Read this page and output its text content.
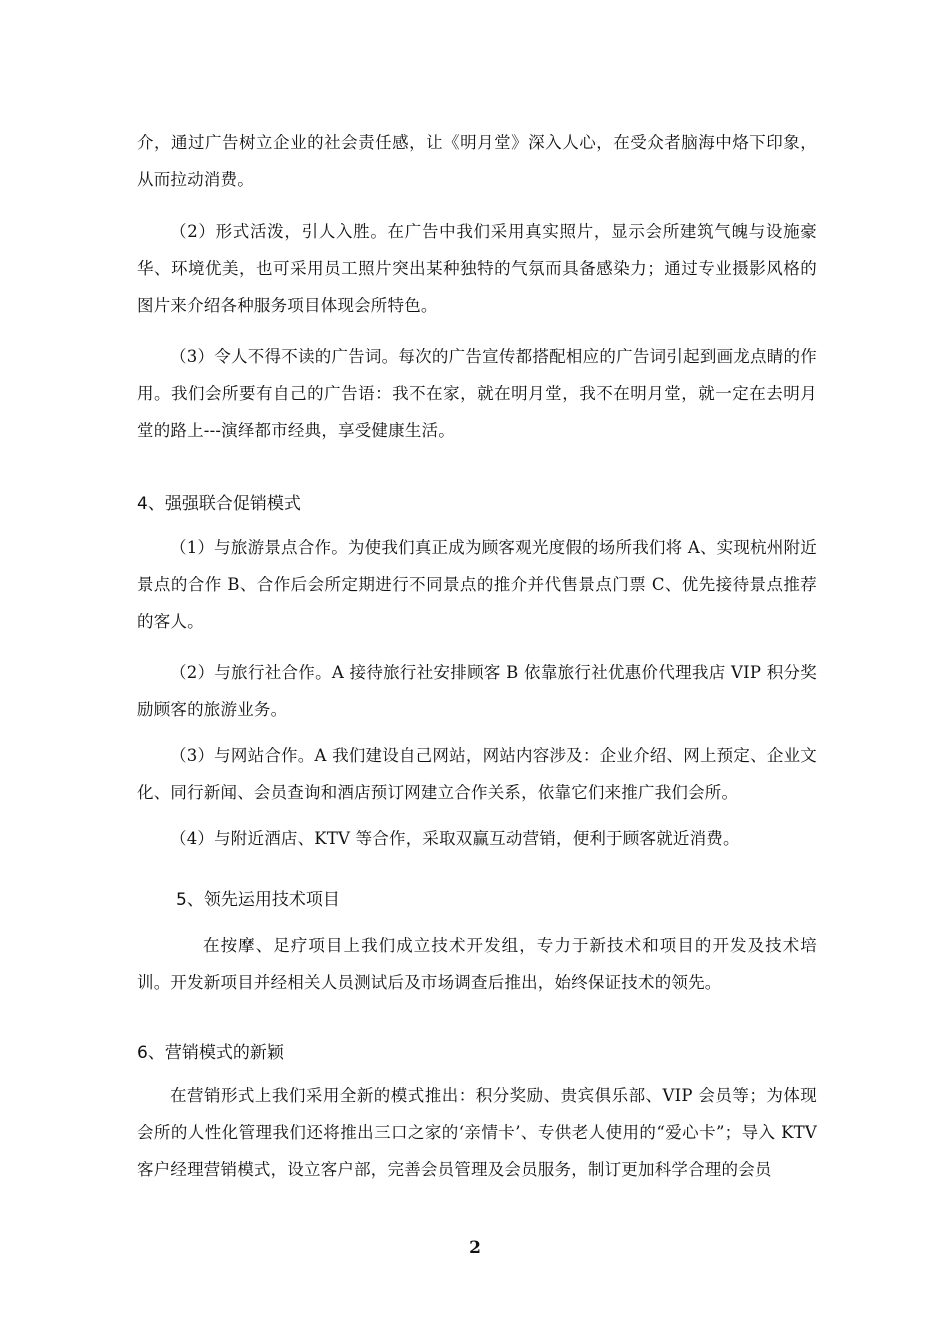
介，通过广告树立企业的社会责任感，让《明月堂》深入人心，在受众者脑海中烙下印象，从而拉动消费。

（2）形式活泼，引人入胜。在广告中我们采用真实照片，显示会所建筑气魄与设施豪华、环境优美，也可采用员工照片突出某种独特的气氛而具备感染力；通过专业摄影风格的图片来介绍各种服务项目体现会所特色。

（3）令人不得不读的广告词。每次的广告宣传都搭配相应的广告词引起到画龙点睛的作用。我们会所要有自己的广告语：我不在家，就在明月堂，我不在明月堂，就一定在去明月堂的路上---演绎都市经典，享受健康生活。

4、强强联合促销模式

（1）与旅游景点合作。为使我们真正成为顾客观光度假的场所我们将 A、实现杭州附近景点的合作 B、合作后会所定期进行不同景点的推介并代售景点门票 C、优先接待景点推荐的客人。

（2）与旅行社合作。A 接待旅行社安排顾客 B 依靠旅行社优惠价代理我店 VIP 积分奖励顾客的旅游业务。

（3）与网站合作。A 我们建设自己网站，网站内容涉及：企业介绍、网上预定、企业文化、同行新闻、会员查询和酒店预订网建立合作关系，依靠它们来推广我们会所。

（4）与附近酒店、KTV 等合作，采取双赢互动营销，便利于顾客就近消费。

5、领先运用技术项目

在按摩、足疗项目上我们成立技术开发组，专力于新技术和项目的开发及技术培训。开发新项目并经相关人员测试后及市场调查后推出，始终保证技术的领先。

6、营销模式的新颖

在营销形式上我们采用全新的模式推出：积分奖励、贵宾俱乐部、VIP 会员等；为体现会所的人性化管理我们还将推出三口之家的‘亲情卡’、专供老人使用的“爱心卡”；导入 KTV 客户经理营销模式，设立客户部，完善会员管理及会员服务，制订更加科学合理的会员

2
